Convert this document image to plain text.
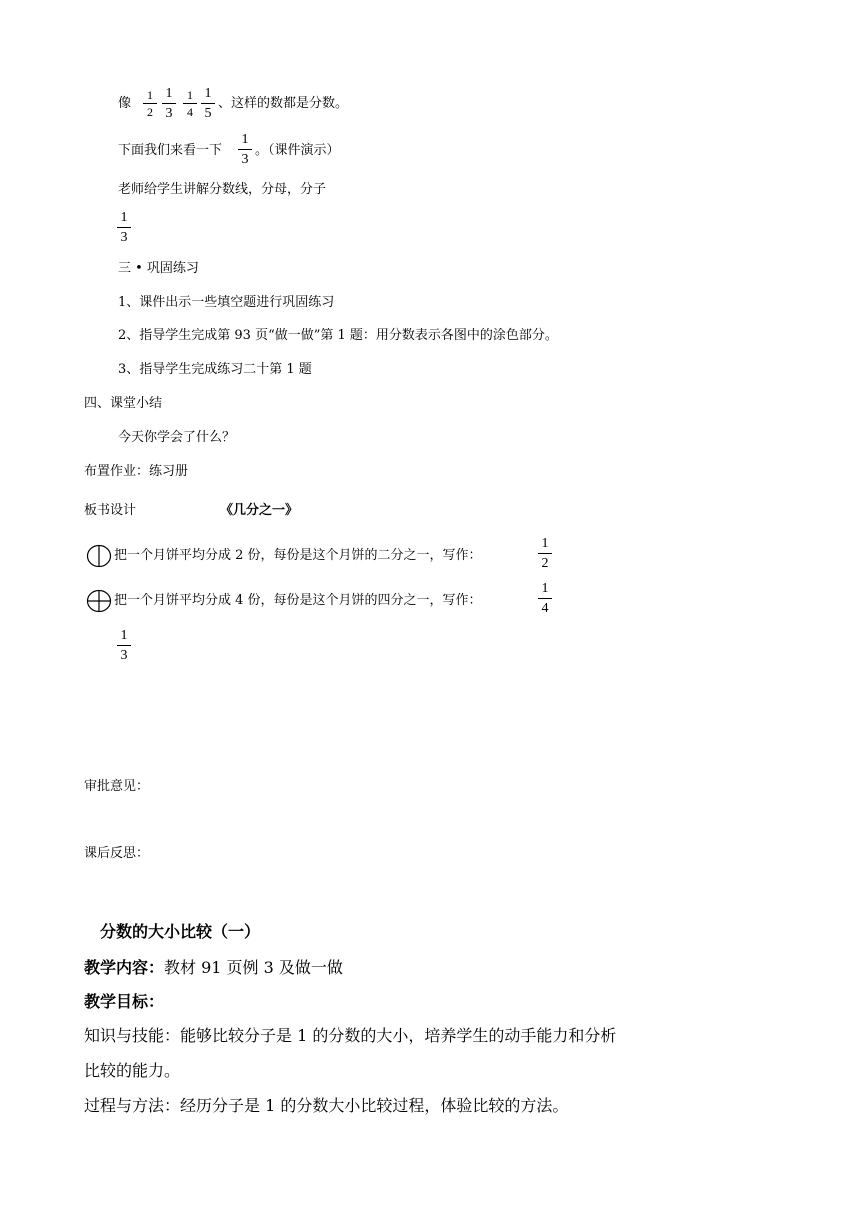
像
1
2
1
3
1
4
1
5
、这样的数都是分数。
下面我们来看一下
1
3
。（课件演示）
老师给学生讲解分数线，分母，分子
1
3
三 • 巩固练习
1、课件出示一些填空题进行巩固练习
2、指导学生完成第 93 页“做一做”第 1 题：用分数表示各图中的涂色部分。
3、指导学生完成练习二十第 1 题
四、课堂小结
今天你学会了什么？
布置作业：练习册
板书设计	《几分之一》
把一个月饼平均分成 2 份，每份是这个月饼的二分之一，写作：
1
2
把一个月饼平均分成 4 份，每份是这个月饼的四分之一，写作：
1
4
1
3
审批意见：
课后反思：
分数的大小比较（一）
教学内容：教材 91 页例 3 及做一做
教学目标：
知识与技能：能够比较分子是 1 的分数的大小，培养学生的动手能力和分析
比较的能力。
过程与方法：经历分子是 1 的分数大小比较过程，体验比较的方法。
